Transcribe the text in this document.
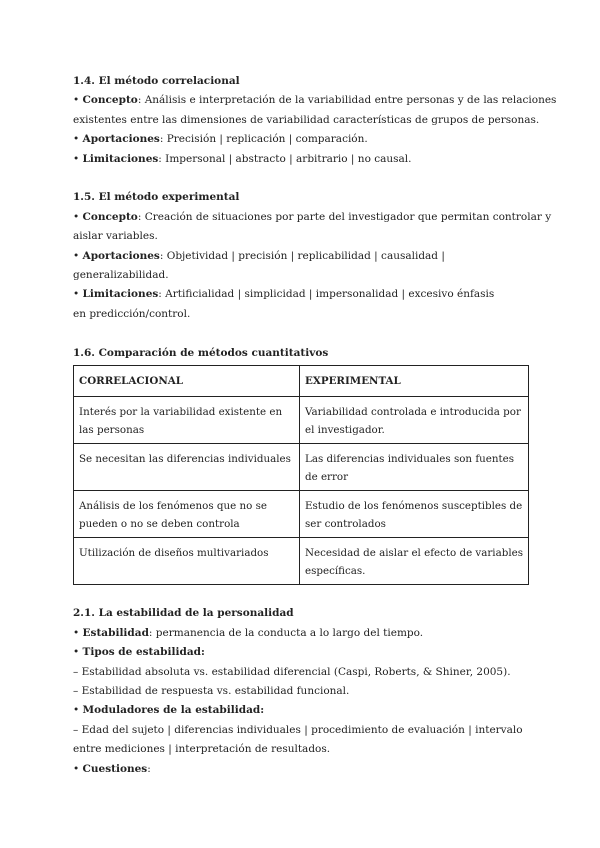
1.4. El método correlacional
• Concepto: Análisis e interpretación de la variabilidad entre personas y de las relaciones
existentes entre las dimensiones de variabilidad características de grupos de personas.
• Aportaciones: Precisión | replicación | comparación.
• Limitaciones: Impersonal | abstracto | arbitrario | no causal.
1.5. El método experimental
• Concepto: Creación de situaciones por parte del investigador que permitan controlar y
aislar variables.
• Aportaciones: Objetividad | precisión | replicabilidad | causalidad |
generalizabilidad.
• Limitaciones: Artificialidad | simplicidad | impersonalidad | excesivo énfasis
en predicción/control.
1.6. Comparación de métodos cuantitativos
CORRELACIONAL	EXPERIMENTAL
Interés por la variabilidad existente en las personas	Variabilidad controlada e introducida por el investigador.
Se necesitan las diferencias individuales	Las diferencias individuales son fuentes de error
Análisis de los fenómenos que no se pueden o no se deben controla	Estudio de los fenómenos susceptibles de ser controlados
Utilización de diseños multivariados	Necesidad de aislar el efecto de variables específicas.
2.1. La estabilidad de la personalidad
• Estabilidad: permanencia de la conducta a lo largo del tiempo.
• Tipos de estabilidad:
– Estabilidad absoluta vs. estabilidad diferencial (Caspi, Roberts, & Shiner, 2005).
– Estabilidad de respuesta vs. estabilidad funcional.
• Moduladores de la estabilidad:
– Edad del sujeto | diferencias individuales | procedimiento de evaluación | intervalo
entre mediciones | interpretación de resultados.
• Cuestiones:
